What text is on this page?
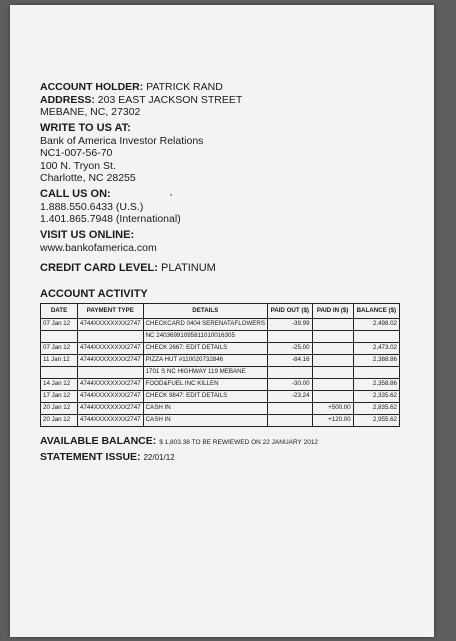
ACCOUNT HOLDER: PATRICK RAND
ADDRESS: 203 EAST JACKSON STREET
MEBANE, NC, 27302
WRITE TO US AT:
Bank of America Investor Relations
NC1-007-56-70
100 N. Tryon St.
Charlotte, NC 28255
CALL US ON:
1.888.550.6433 (U.S.)
1.401.865.7948 (International)
VISIT US ONLINE:
www.bankofamerica.com
CREDIT CARD LEVEL: PLATINUM
ACCOUNT ACTIVITY
DATE	PAYMENT TYPE	DETAILS	PAID OUT ($)	PAID IN ($)	BALANCE ($)
07 Jan 12	4744XXXXXXXX2747	CHECKCARD 0404 SERENATAFLOWERS	-39.99		2,498.02
		NC 24036991095811010016305			
07 Jan 12	4744XXXXXXXX2747	CHECK 2667: EDIT DETAILS	-25.00		2,473.02
11 Jan 12	4744XXXXXXXX2747	PIZZA HUT #110020732846	-84.16		2,388.86
		1701 S NC HIGHWAY 119 MEBANE			
14 Jan 12	4744XXXXXXXX2747	FOOD&FUEL INC KILLEN	-30.00		2,358.86
17 Jan 12	4744XXXXXXXX2747	CHECK 9847: EDIT DETAILS	-23.24		2,335.62
20 Jan 12	4744XXXXXXXX2747	CASH IN		+500.00	2,835.62
20 Jan 12	4744XXXXXXXX2747	CASH IN		+120.00	2,955.62
AVAILABLE BALANCE: $ 1,803.38 TO BE REWIEWED ON 22 JANUARY 2012
STATEMENT ISSUE: 22/01/12
